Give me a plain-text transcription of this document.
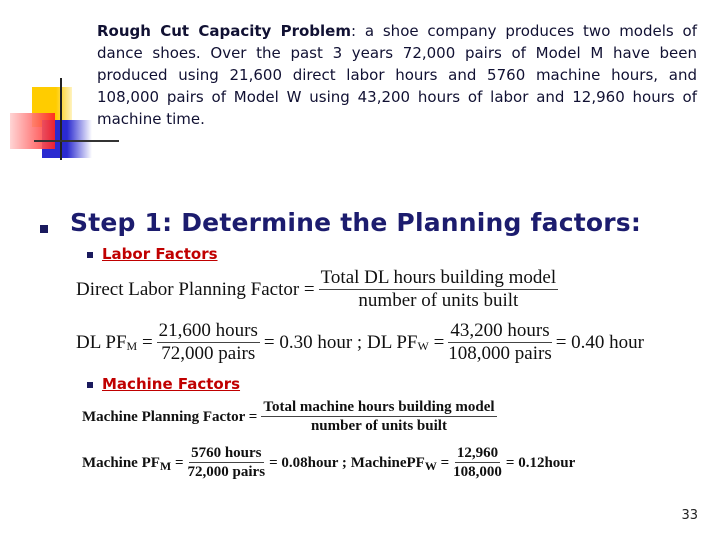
Rough Cut Capacity Problem: a shoe company produces two models of dance shoes. Over the past 3 years 72,000 pairs of Model M have been produced using 21,600 direct labor hours and 5760 machine hours, and 108,000 pairs of Model W using 43,200 hours of labor and 12,960 hours of machine time.
Step 1: Determine the Planning factors:
Labor Factors
Direct Labor Planning Factor =
Total DL hours building model
number of units built
DL PF M
=
21,600 hours
72,000 pairs
= 0.30 hour ;
DL PF W
=
43,200 hours
108,000 pairs
= 0.40 hour
Machine Factors
Machine Planning Factor =
Total machine hours building model
number of units built
Machine PF M
=
5760 hours
72,000 pairs
= 0.08hour ;
MachinePF W
= $\frac{12,960}{108,000}$ = 0.12hour
33
